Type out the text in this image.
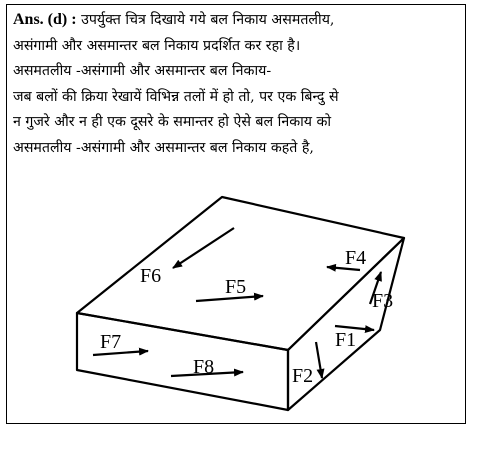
Ans. (d) : उपर्युक्त चित्र दिखाये गये बल निकाय असमतलीय,
असंगामी और असमान्तर बल निकाय प्रदर्शित कर रहा है।
असमतलीय -असंगामी और असमान्तर बल निकाय-
जब बलों की क्रिया रेखायें विभिन्न तलों में हो तो, पर एक बिन्दु से
न गुजरे और न ही एक दूसरे के समान्तर हो ऐसे बल निकाय को
असमतलीय -असंगामी और असमान्तर बल निकाय कहते है,
F6	F5
F4
F3
F1
F2
F7
F8
